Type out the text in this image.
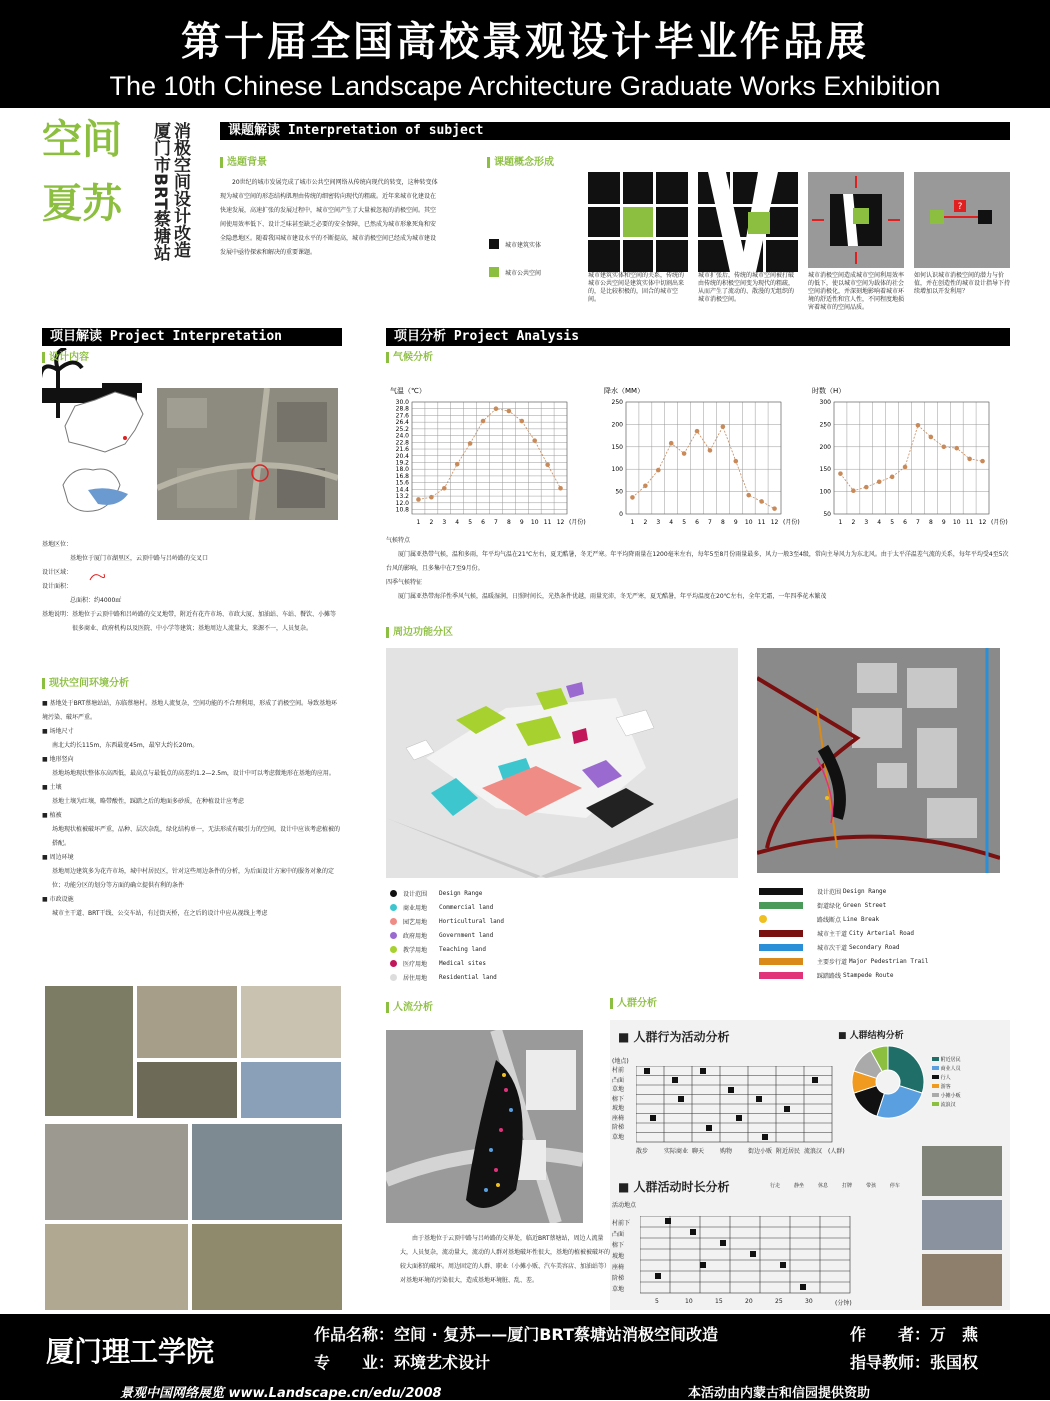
第十届全国高校景观设计毕业作品展
The 10th Chinese Landscape Architecture Graduate Works Exhibition
空间
夏苏 厦门市BRT蔡塘站 消极空间设计改造	课题解读 Interpretation of subject
选题背景
20世纪的城市发展完成了城市公共空间网络从传统向现代的转变，这种转变体现为城市空间的形态结构肌理由传统的细密转向现代的粗疏。近年来城市化建设在快速发展，高速扩张的发展过程中，城市空间产生了大量被忽视的消极空间。其空间使用效率低下、设计乏味甚至缺乏必要的安全保障，已然成为城市形象死角和安全隐患地区。随着我国城市建设水平的不断提高，城市消极空间已经成为城市建设发展中亟待探索和解决的重要课题。
课题概念形成
城市建筑实体
城市公共空间
?
城市建筑实体和空间的关系，传统的城市公共空间是建筑实体中切割出来的，是比较积极的，固合的城市空间。
城市扩张后，传统的城市空间被打破由传统的积极空间变为现代的粗疏，从而产生了流动的、散漫的无组织的城市消极空间。
城市消极空间造成城市空间利用效率的低下，使以城市空间为载体的社会空间消极化，并深刻地影响着城市环境的舒适性和宜人性，不同程度地损害着城市的空间品质。
如何认识城市消极空间的潜力与价值，并在创造性的城市设计指导下持续增加以开发利用？
项目解读 Project Interpretation
设计内容
基地区位：
基地位于厦门市湖里区，云顶中路与吕岭路的交叉口
设计区域：
设计面积：
总面积：约4000㎡
基地说明： 基地位于云顶中路和吕岭路的交叉地带，附近有花卉市场、市政大厦、加油站、车站、餐饮、小摊等很多商业、政府机构以及医院、中小学等建筑；基地周边人流量大，来源不一，人员复杂。
现状空间环境分析
■ 基地处于BRT蔡塘站站，东临蔡塘村。基地人流复杂，空间功能的不合理利用，形成了消极空间。导致基地环境污染、破坏严重。
■ 场地尺寸
南北大约长115m，东西最宽45m，最窄大约长20m。
■ 地形竖向
基地场地现状整体东高西低，最高点与最低点的高差约1.2—2.5m，设计中可以考虑微地形在基地的应用。
■ 土壤
基地土壤为红壤，略带酸性，踩踏之后的地面多砂质，在种植设计应考虑
■ 植被
场地现状植被破坏严重，品种、层次杂乱，绿化结构单一，无法形成有吸引力的空间，设计中应该考虑植被的搭配。
■ 周边环境
基地周边建筑多为花卉市场，城中村居民区，针对这些周边条件的分析，为后面设计方案中的服务对象的定位；功能分区的划分等方面的确立提供有利的条件
■ 市政设施
城市主干道、BRT干线、公交车站，有过街天桥，在之后的设计中应从视线上考虑
项目分析 Project Analysis
气候分析
气温（℃）
30.0
28.8
27.6
26.4
25.2
24.0
22.8
21.6
20.4
19.2
18.0
16.8
15.6
14.4
13.2
12.0
10.8
1 2 3 4 5 6 7 8 9 10 11 12 (月份)
降水（MM）
250
200
150
100
50
0
1 2 3 4 5 6 7 8 9 10 11 12 (月份)
时数（H）
300
250
200
150
100
50
1 2 3 4 5 6 7 8 9 10 11 12 (月份)
气候特点
厦门属亚热带气候，温和多雨，年平均气温在21℃左右，夏无酷暑，冬无严寒。年平均降雨量在1200毫米左右，每年5至8月份雨量最多，风力一般3至4级，常向主导风力为东北风。由于太平洋温差气流的关系，每年平均受4至5次台风的影响，且多集中在7至9月份。
四季气候特征
厦门属亚热带海洋性季风气候，温暖湿润，日照时间长，光热条件优越，雨量充沛，冬无严寒，夏无酷暑，年平均温度在20℃左右，全年无霜，一年四季花木繁茂
周边功能分区
设计范围	Design Range
商业用地	Commercial land
园艺用地	Horticultural land
政府用地	Government land
教学用地	Teaching land
医疗用地	Medical sites
居住用地	Residential land
设计范围
Design Range
街道绿化
Green Street
路线断点
Line Break
城市主干道
City Arterial Road
城市次干道
Secondary Road
主要步行道
Major Pedestrian Trail
踩踏路线
Stampede Route
人流分析
由于基地位于云顶中路与吕岭路的交界处，临近BRT蔡塘站，周边人流量大，人员复杂，流动量大，流动的人群对基地破坏性很大，基地的植被被破坏的较大面积的破坏。周边固定的人群、职业（小摊小贩、汽车美容店、加油站等）对基地环境的污染很大，造成基地环境脏、乱、差。
人群分析
■ 人群行为活动分析	■ 人群结构分析
(地点)
村前
凸面
草地
榕下
坡地
座椅
阶梯
草地
散步	实际商业 聊天	购物	街边小贩 附近居民 流浪汉 (人群)
附近居民
商业人员
行人
游客
小摊小贩
流浪汉
■ 人群活动时长分析
活动地点
村前下
凸面
榕下
坡地
座椅
阶梯
草地
5	10	15	20	25	30	(分钟)
行走	静坐	休息	打牌	带孩	停车
厦门理工学院
作品名称：空间 · 复苏——厦门BRT蔡塘站消极空间改造
专　　业：环境艺术设计
作　　者：万　燕
指导教师：张国权
景观中国网络展览 www.Landscape.cn/edu/2008	本活动由内蒙古和信园提供资助
